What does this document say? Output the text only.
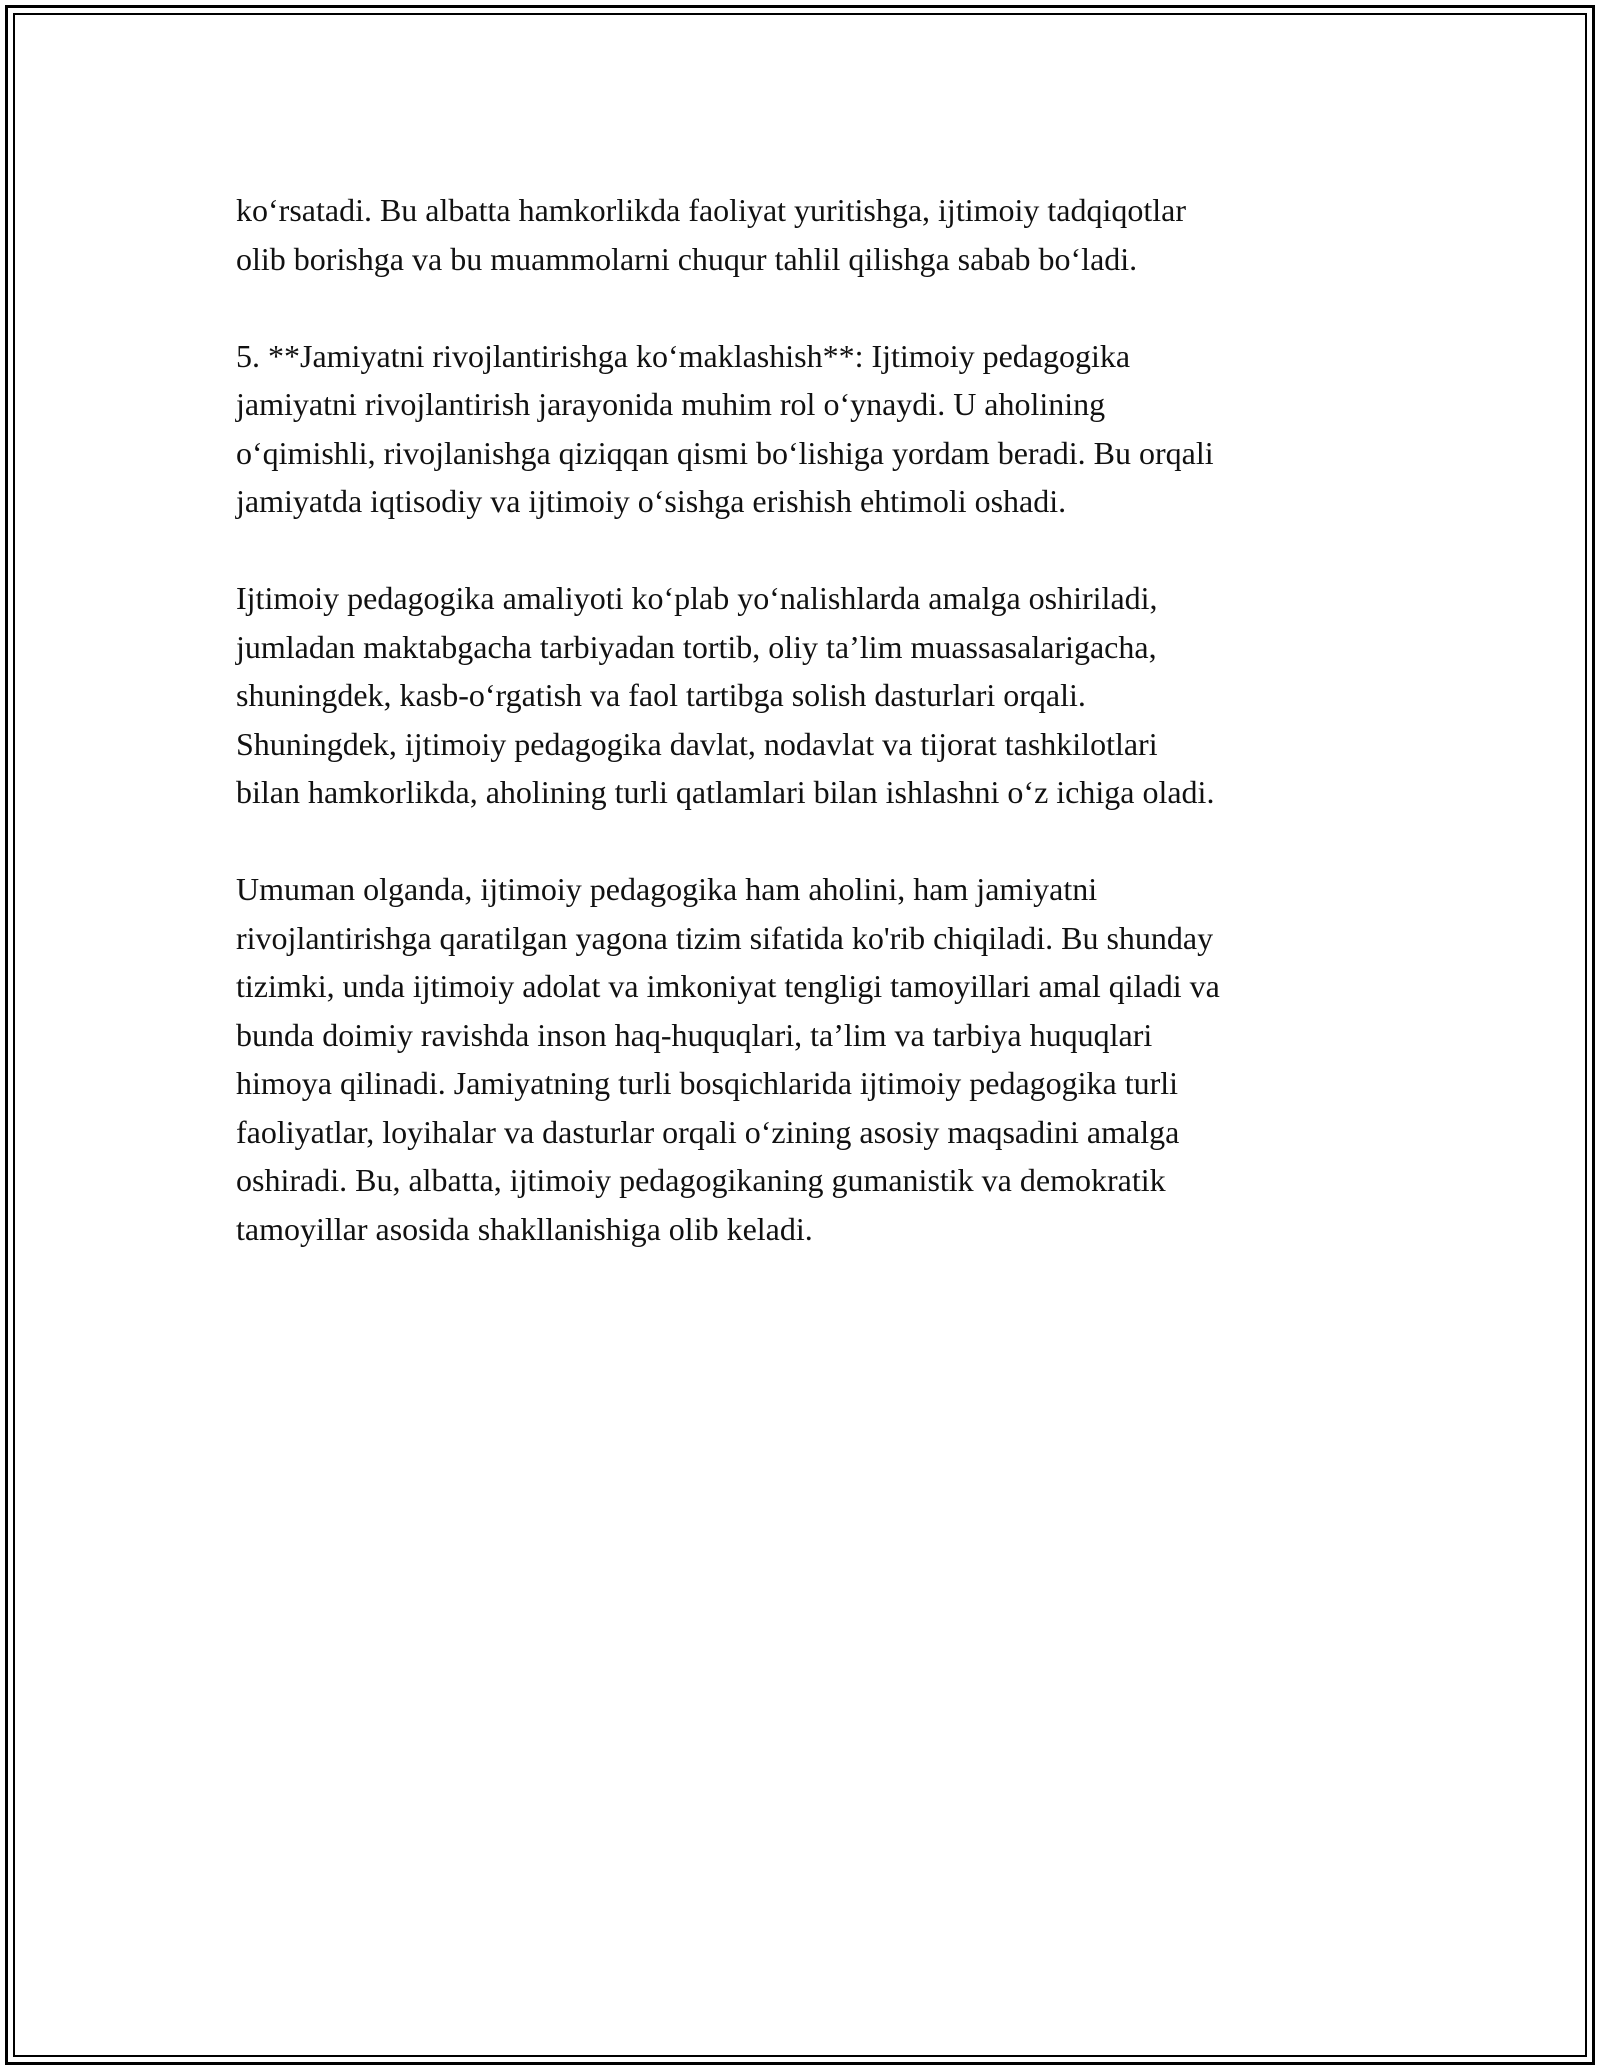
ko‘rsatadi. Bu albatta hamkorlikda faoliyat yuritishga, ijtimoiy tadqiqotlar
olib borishga va bu muammolarni chuqur tahlil qilishga sabab bo‘ladi.

5. **Jamiyatni rivojlantirishga ko‘maklashish**: Ijtimoiy pedagogika
jamiyatni rivojlantirish jarayonida muhim rol o‘ynaydi. U aholining
o‘qimishli, rivojlanishga qiziqqan qismi bo‘lishiga yordam beradi. Bu orqali
jamiyatda iqtisodiy va ijtimoiy o‘sishga erishish ehtimoli oshadi.

Ijtimoiy pedagogika amaliyoti ko‘plab yo‘nalishlarda amalga oshiriladi,
jumladan maktabgacha tarbiyadan tortib, oliy ta’lim muassasalarigacha,
shuningdek, kasb-o‘rgatish va faol tartibga solish dasturlari orqali.
Shuningdek, ijtimoiy pedagogika davlat, nodavlat va tijorat tashkilotlari
bilan hamkorlikda, aholining turli qatlamlari bilan ishlashni o‘z ichiga oladi.

Umuman olganda, ijtimoiy pedagogika ham aholini, ham jamiyatni
rivojlantirishga qaratilgan yagona tizim sifatida ko'rib chiqiladi. Bu shunday
tizimki, unda ijtimoiy adolat va imkoniyat tengligi tamoyillari amal qiladi va
bunda doimiy ravishda inson haq-huquqlari, ta’lim va tarbiya huquqlari
himoya qilinadi. Jamiyatning turli bosqichlarida ijtimoiy pedagogika turli
faoliyatlar, loyihalar va dasturlar orqali o‘zining asosiy maqsadini amalga
oshiradi. Bu, albatta, ijtimoiy pedagogikaning gumanistik va demokratik
tamoyillar asosida shakllanishiga olib keladi.
